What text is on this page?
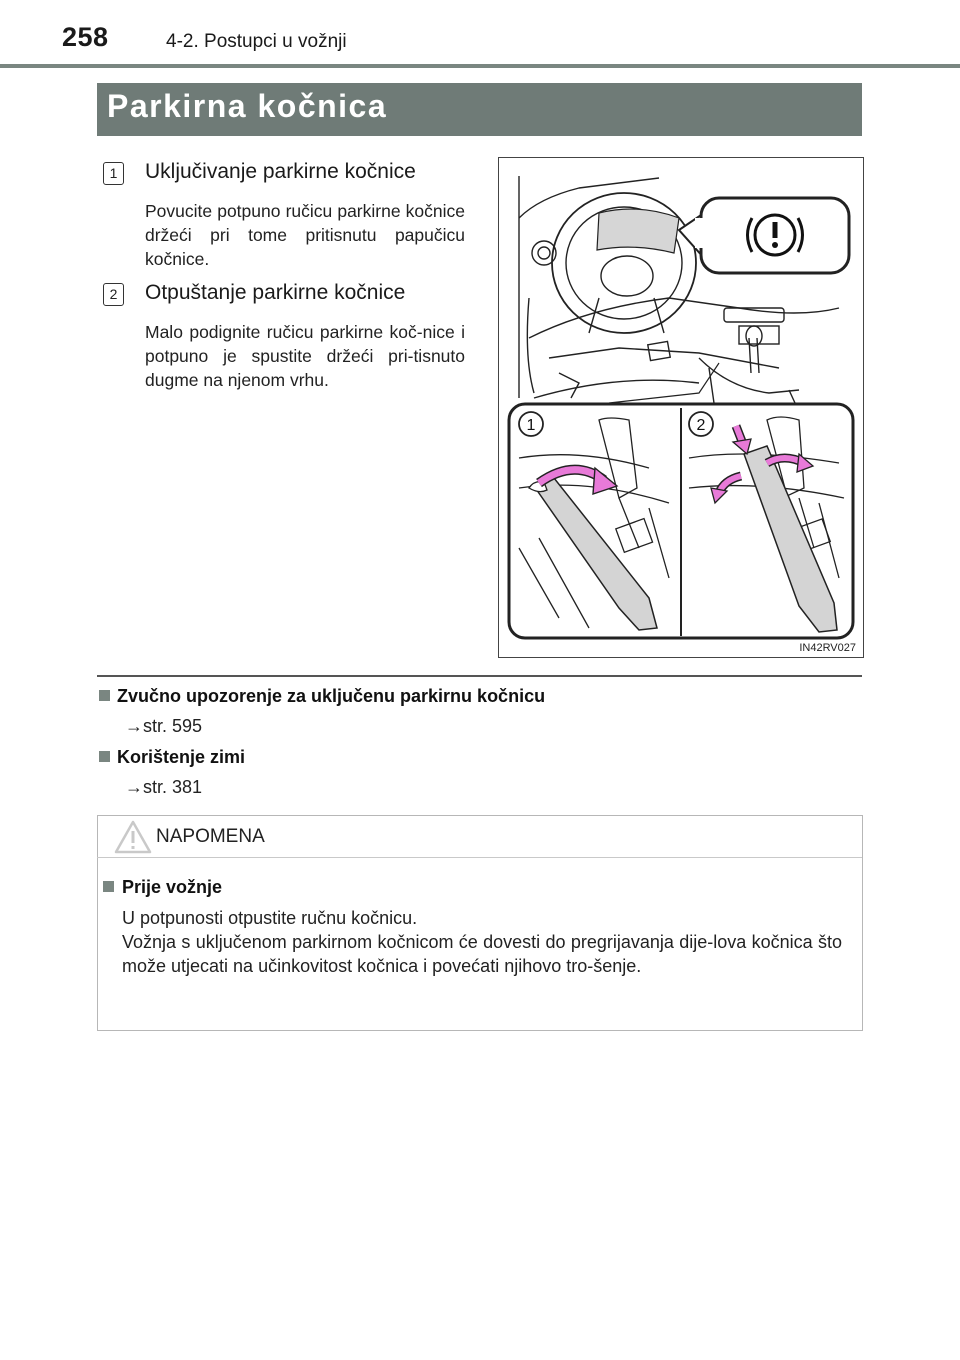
258	4-2. Postupci u vožnji
Parkirna kočnica
1	Uključivanje parkirne kočnice
Povucite potpuno ručicu parkirne kočnice držeći pri tome pritisnutu papučicu kočnice.
2	Otpuštanje parkirne kočnice
Malo podignite ručicu parkirne koč-nice i potpuno je spustite držeći pri-tisnuto dugme na njenom vrhu.
1	2
IN42RV027
Zvučno upozorenje za uključenu parkirnu kočnicu
→str. 595
Korištenje zimi
→str. 381
NAPOMENA
Prije vožnje

U potpunosti otpustite ručnu kočnicu.

Vožnja s uključenom parkirnom kočnicom će dovesti do pregrijavanja dije-lova kočnica što može utjecati na učinkovitost kočnica i povećati njihovo tro-šenje.
